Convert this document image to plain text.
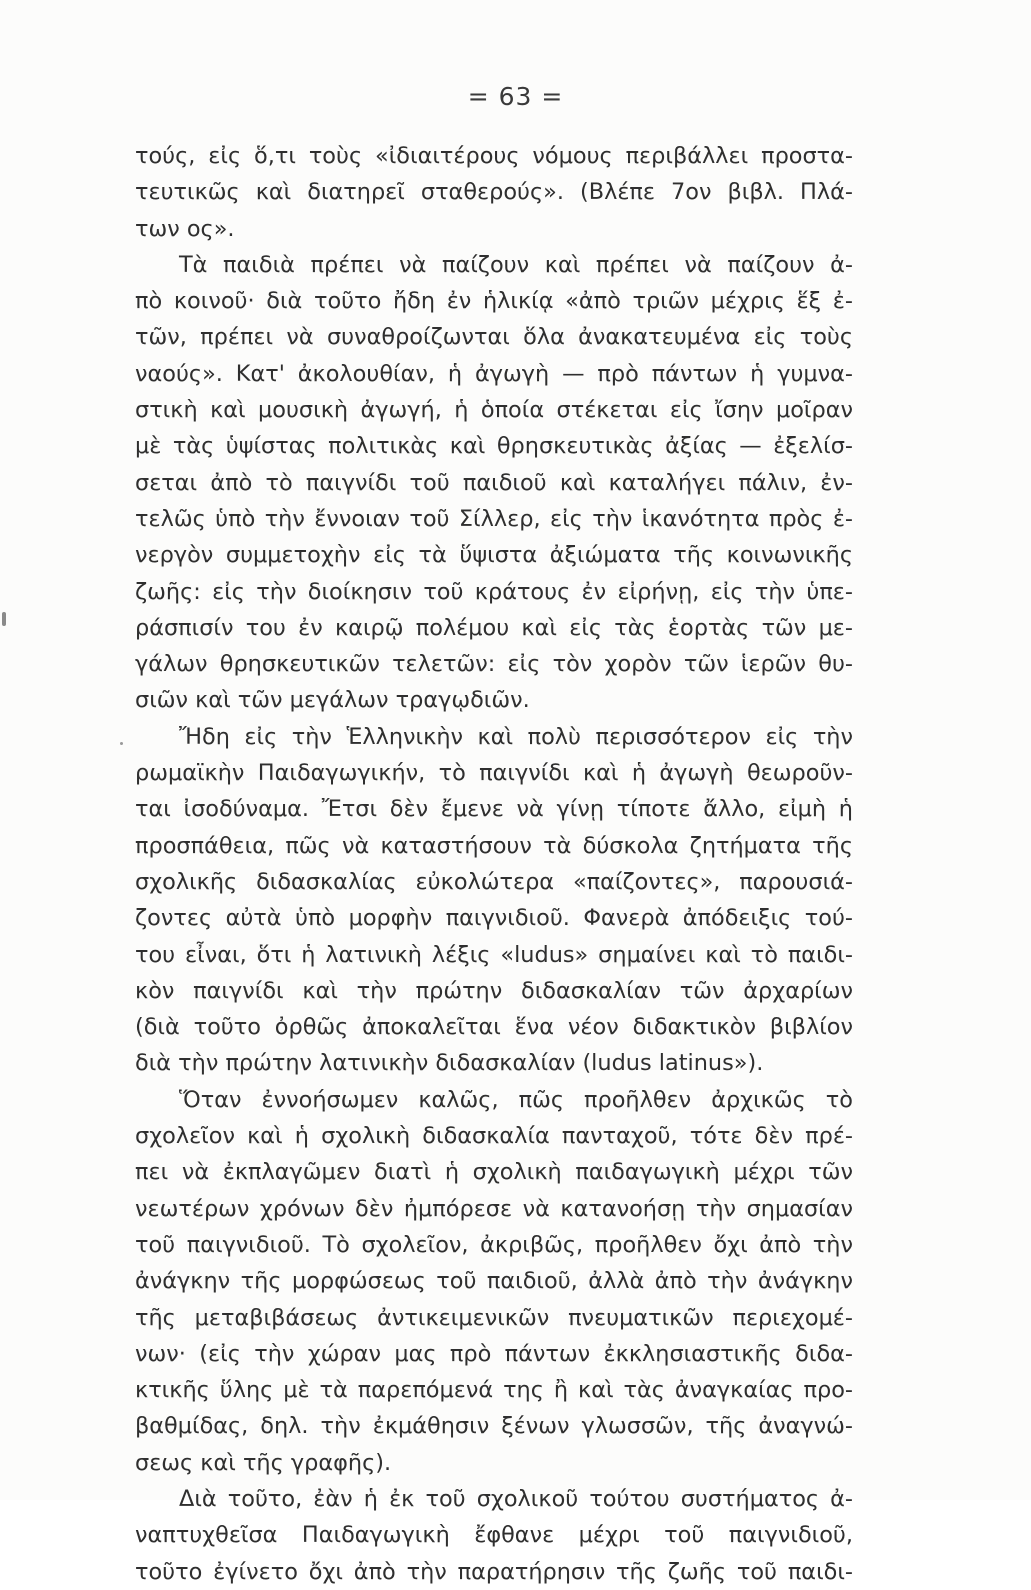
= 63 =
τούς, εἰς ὅ,τι τοὺς «ἰδιαιτέρους νόμους περιβάλλει προστα-
τευτικῶς καὶ διατηρεῖ σταθερούς». (Βλέπε 7ον βιβλ. Πλά-
των ος».
Τὰ παιδιὰ πρέπει νὰ παίζουν καὶ πρέπει νὰ παίζουν ἀ-
πὸ κοινοῦ· διὰ τοῦτο ἤδη ἐν ἡλικίᾳ «ἀπὸ τριῶν μέχρις ἕξ ἐ-
τῶν, πρέπει νὰ συναθροίζωνται ὅλα ἀνακατευμένα εἰς τοὺς
ναούς». Κατ' ἀκολουθίαν, ἡ ἀγωγὴ — πρὸ πάντων ἡ γυμνα-
στικὴ καὶ μουσικὴ ἀγωγή, ἡ ὁποία στέκεται εἰς ἴσην μοῖραν
μὲ τὰς ὑψίστας πολιτικὰς καὶ θρησκευτικὰς ἀξίας — ἐξελίσ-
σεται ἀπὸ τὸ παιγνίδι τοῦ παιδιοῦ καὶ καταλήγει πάλιν, ἐν-
τελῶς ὑπὸ τὴν ἔννοιαν τοῦ Σίλλερ, εἰς τὴν ἱκανότητα πρὸς ἐ-
νεργὸν συμμετοχὴν εἰς τὰ ὕψιστα ἀξιώματα τῆς κοινωνικῆς
ζωῆς: εἰς τὴν διοίκησιν τοῦ κράτους ἐν εἰρήνῃ, εἰς τὴν ὑπε-
ράσπισίν του ἐν καιρῷ πολέμου καὶ εἰς τὰς ἑορτὰς τῶν με-
γάλων θρησκευτικῶν τελετῶν: εἰς τὸν χορὸν τῶν ἱερῶν θυ-
σιῶν καὶ τῶν μεγάλων τραγῳδιῶν.
Ἤδη εἰς τὴν Ἑλληνικὴν καὶ πολὺ περισσότερον εἰς τὴν
ρωμαϊκὴν Παιδαγωγικήν, τὸ παιγνίδι καὶ ἡ ἀγωγὴ θεωροῦν-
ται ἰσοδύναμα. Ἔτσι δὲν ἔμενε νὰ γίνῃ τίποτε ἄλλο, εἰμὴ ἡ
προσπάθεια, πῶς νὰ καταστήσουν τὰ δύσκολα ζητήματα τῆς
σχολικῆς διδασκαλίας εὐκολώτερα «παίζοντες», παρουσιά-
ζοντες αὐτὰ ὑπὸ μορφὴν παιγνιδιοῦ. Φανερὰ ἀπόδειξις τού-
του εἶναι, ὅτι ἡ λατινικὴ λέξις «ludus» σημαίνει καὶ τὸ παιδι-
κὸν παιγνίδι καὶ τὴν πρώτην διδασκαλίαν τῶν ἀρχαρίων
(διὰ τοῦτο ὀρθῶς ἀποκαλεῖται ἕνα νέον διδακτικὸν βιβλίον
διὰ τὴν πρώτην λατινικὴν διδασκαλίαν (ludus latinus»).
Ὅταν ἐννοήσωμεν καλῶς, πῶς προῆλθεν ἀρχικῶς τὸ
σχολεῖον καὶ ἡ σχολικὴ διδασκαλία πανταχοῦ, τότε δὲν πρέ-
πει νὰ ἐκπλαγῶμεν διατὶ ἡ σχολικὴ παιδαγωγικὴ μέχρι τῶν
νεωτέρων χρόνων δὲν ἠμπόρεσε νὰ κατανοήσῃ τὴν σημασίαν
τοῦ παιγνιδιοῦ. Τὸ σχολεῖον, ἀκριβῶς, προῆλθεν ὄχι ἀπὸ τὴν
ἀνάγκην τῆς μορφώσεως τοῦ παιδιοῦ, ἀλλὰ ἀπὸ τὴν ἀνάγκην
τῆς μεταβιβάσεως ἀντικειμενικῶν πνευματικῶν περιεχομέ-
νων· (εἰς τὴν χώραν μας πρὸ πάντων ἐκκλησιαστικῆς διδα-
κτικῆς ὕλης μὲ τὰ παρεπόμενά της ἢ καὶ τὰς ἀναγκαίας προ-
βαθμίδας, δηλ. τὴν ἐκμάθησιν ξένων γλωσσῶν, τῆς ἀναγνώ-
σεως καὶ τῆς γραφῆς).
Διὰ τοῦτο, ἐὰν ἡ ἐκ τοῦ σχολικοῦ τούτου συστήματος ἀ-
ναπτυχθεῖσα Παιδαγωγικὴ ἔφθανε μέχρι τοῦ παιγνιδιοῦ,
τοῦτο ἐγίνετο ὄχι ἀπὸ τὴν παρατήρησιν τῆς ζωῆς τοῦ παιδι-
